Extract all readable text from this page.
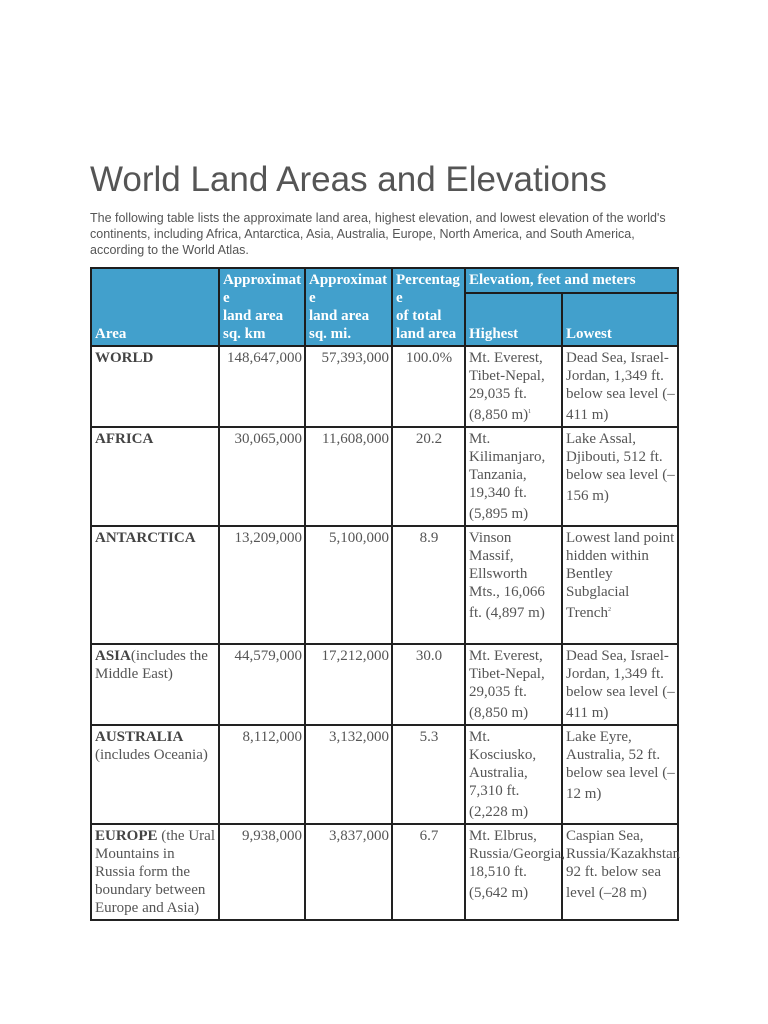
World Land Areas and Elevations

The following table lists the approximate land area, highest elevation, and lowest elevation of the world's continents, including Africa, Antarctica, Asia, Australia, Europe, North America, and South America, according to the World Atlas.

Area	Approximat
e
land area
sq. km	Approximat
e
land area
sq. mi.	Percentag
e
of total
land area	Elevation, feet and meters	
				Highest	Lowest
WORLD	148,647,000	57,393,000	100.0%	Mt. Everest, Tibet-Nepal, 29,035 ft. (8,850 m)$^1$	Dead Sea, Israel-Jordan, 1,349 ft. below sea level (–411 m)
AFRICA	30,065,000	11,608,000	20.2	Mt. Kilimanjaro, Tanzania, 19,340 ft. (5,895 m)	Lake Assal, Djibouti, 512 ft. below sea level (–156 m)
ANTARCTICA	13,209,000	5,100,000	8.9	Vinson Massif, Ellsworth Mts., 16,066 ft. (4,897 m)	Lowest land point hidden within Bentley Subglacial Trench$^2$
ASIA(includes the Middle East)	44,579,000	17,212,000	30.0	Mt. Everest, Tibet-Nepal, 29,035 ft. (8,850 m)	Dead Sea, Israel-Jordan, 1,349 ft. below sea level (–411 m)
AUSTRALIA (includes Oceania)	8,112,000	3,132,000	5.3	Mt. Kosciusko, Australia, 7,310 ft. (2,228 m)	Lake Eyre, Australia, 52 ft. below sea level (–12 m)
EUROPE (the Ural Mountains in Russia form the boundary between Europe and Asia)	9,938,000	3,837,000	6.7	Mt. Elbrus, Russia/Georgia, 18,510 ft. (5,642 m)	Caspian Sea, Russia/Kazakhstan 92 ft. below sea level (–28 m)
